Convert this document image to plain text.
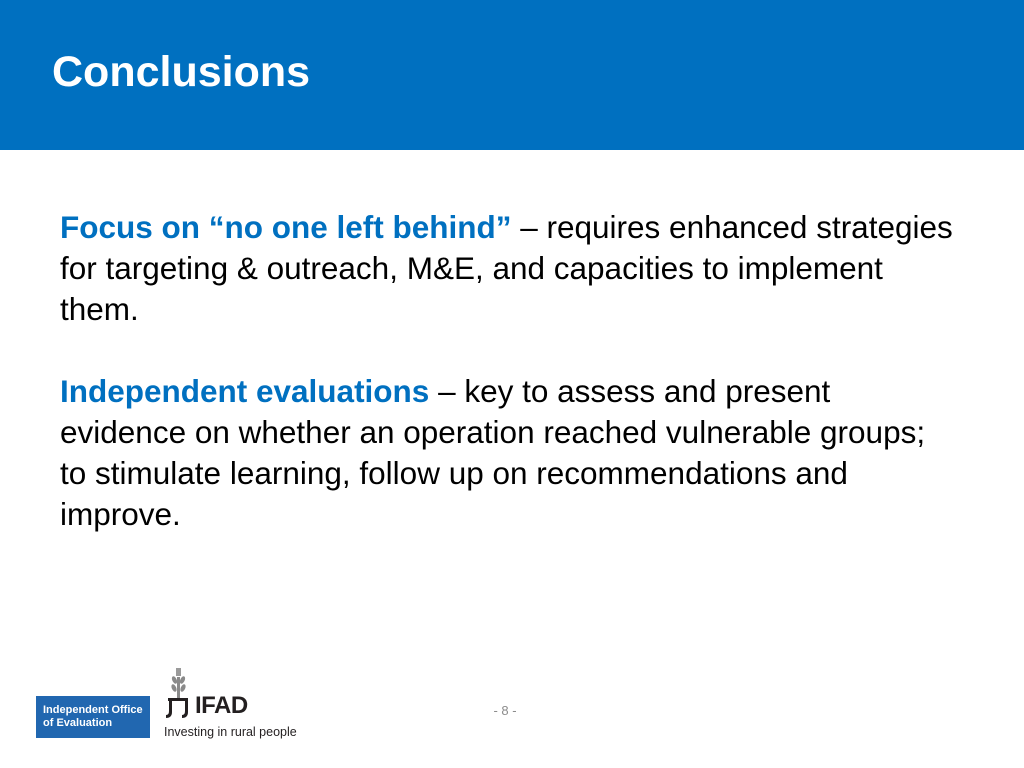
Conclusions

Focus on “no one left behind” – requires enhanced strategies for targeting & outreach, M&E, and capacities to implement them.

Independent evaluations – key to assess and present evidence on whether an operation reached vulnerable groups; to stimulate learning, follow up on recommendations and improve.

Independent Office
of Evaluation
IFAD
Investing in rural people
- 8 -
